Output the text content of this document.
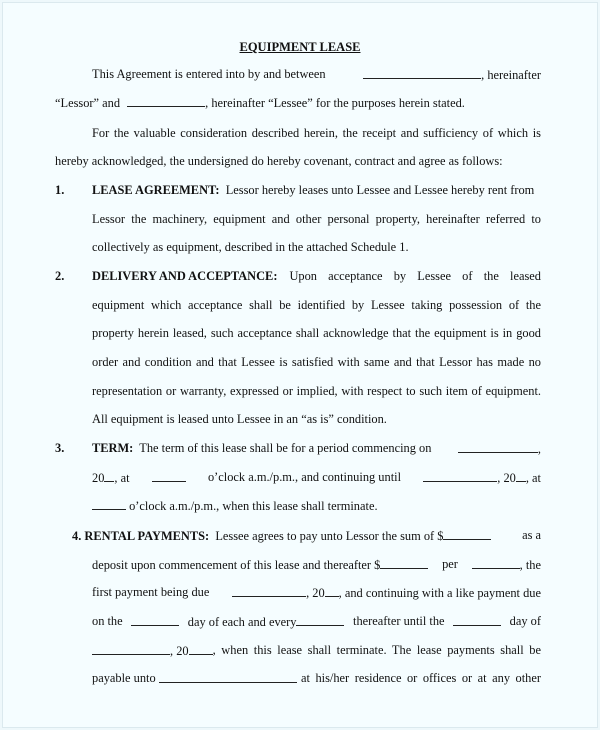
EQUIPMENT LEASE
This Agreement is entered into by and between	, hereinafter
“Lessor” and	, hereinafter “Lessee” for the purposes herein stated.
For the valuable consideration described herein, the receipt and sufficiency of which is
hereby acknowledged, the undersigned do hereby covenant, contract and agree as follows:
1. LEASE AGREEMENT: Lessor hereby leases unto Lessee and Lessee hereby rent from
Lessor the machinery, equipment and other personal property, hereinafter referred to
collectively as equipment, described in the attached Schedule 1.
2. DELIVERY AND ACCEPTANCE: Upon acceptance by Lessee of the leased
equipment which acceptance shall be identified by Lessee taking possession of the
property herein leased, such acceptance shall acknowledge that the equipment is in good
order and condition and that Lessee is satisfied with same and that Lessor has made no
representation or warranty, expressed or implied, with respect to such item of equipment.
All equipment is leased unto Lessee in an “as is” condition.
3. TERM: The term of this lease shall be for a period commencing on	,
20 , at	o’clock a.m./p.m., and continuing until	, 20 , at
o’clock a.m./p.m., when this lease shall terminate.
4. RENTAL PAYMENTS: Lessee agrees to pay unto Lessor the sum of $	as a
deposit upon commencement of this lease and thereafter $	per	, the
first payment being due	, 20 , and continuing with a like payment due
on the	day of each and every	thereafter until the	day of
, 20	, when this lease shall terminate. The lease payments shall be
payable unto	at his/her residence or offices or at any other
